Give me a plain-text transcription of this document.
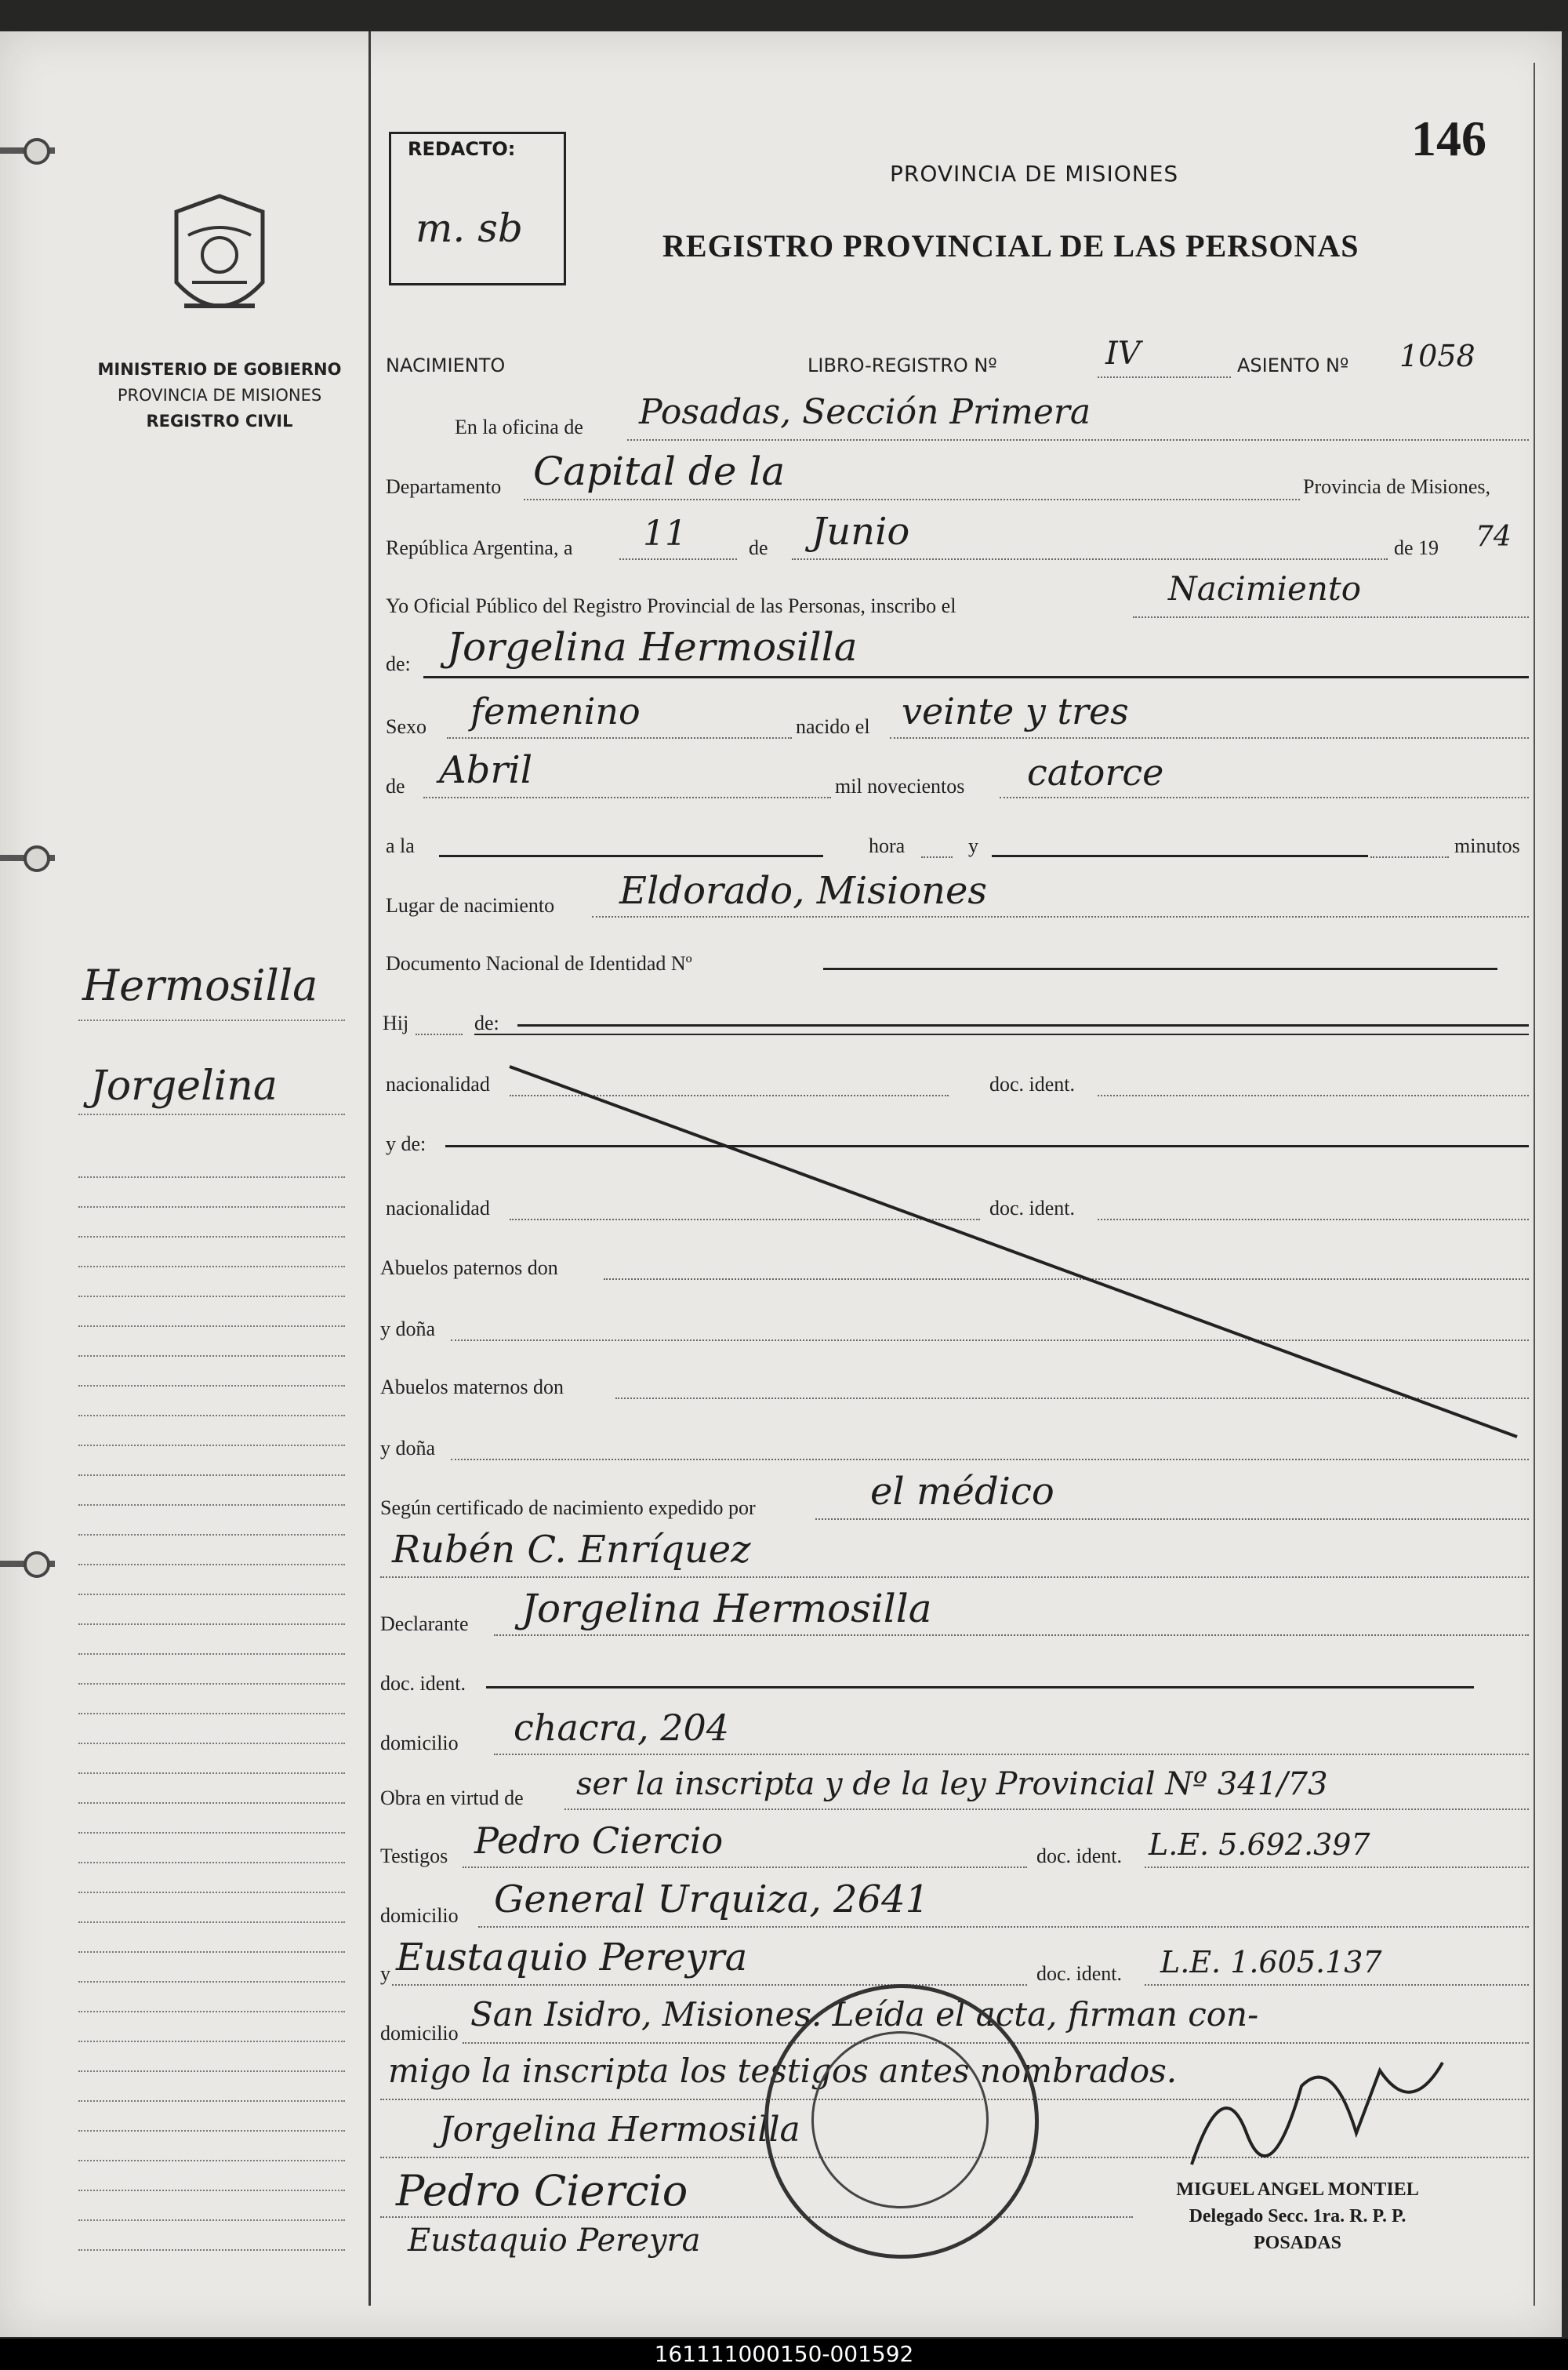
MINISTERIO DE GOBIERNO
PROVINCIA DE MISIONES
REGISTRO CIVIL
Hermosilla
Jorgelina
REDACTO:
m. sb
146
PROVINCIA DE MISIONES
REGISTRO PROVINCIAL DE LAS PERSONAS
NACIMIENTO	LIBRO-REGISTRO Nº	IV	ASIENTO Nº 1058
En la oficina de Posadas, Sección Primera
Departamento Capital de la	Provincia de Misiones,
República Argentina, a 11	de Junio	de 19 74
Yo Oficial Público del Registro Provincial de las Personas, inscribo el	Nacimiento
de: Jorgelina Hermosilla
Sexo femenino	nacido el veinte y tres
de Abril	mil novecientos catorce
a la	hora	y	minutos
Lugar de nacimiento Eldorado, Misiones
Documento Nacional de Identidad Nº
Hij	de:
nacionalidad	doc. ident.
y de:
nacionalidad	doc. ident.
Abuelos paternos don
y doña
Abuelos maternos don
y doña
Según certificado de nacimiento expedido por	el médico
Rubén C. Enríquez
Declarante Jorgelina Hermosilla
doc. ident.
domicilio chacra, 204
Obra en virtud de ser la inscripta y de la ley Provincial Nº 341/73
Testigos Pedro Ciercio	doc. ident. L.E. 5.692.397
domicilio General Urquiza, 2641
y Eustaquio Pereyra	doc. ident. L.E. 1.605.137
domicilio San Isidro, Misiones. Leída el acta, firman con-
migo la inscripta los testigos antes nombrados.
Jorgelina Hermosilla
Pedro Ciercio
Eustaquio Pereyra
MIGUEL ANGEL MONTIEL
Delegado Secc. 1ra. R. P. P.
POSADAS
161111000150-001592
